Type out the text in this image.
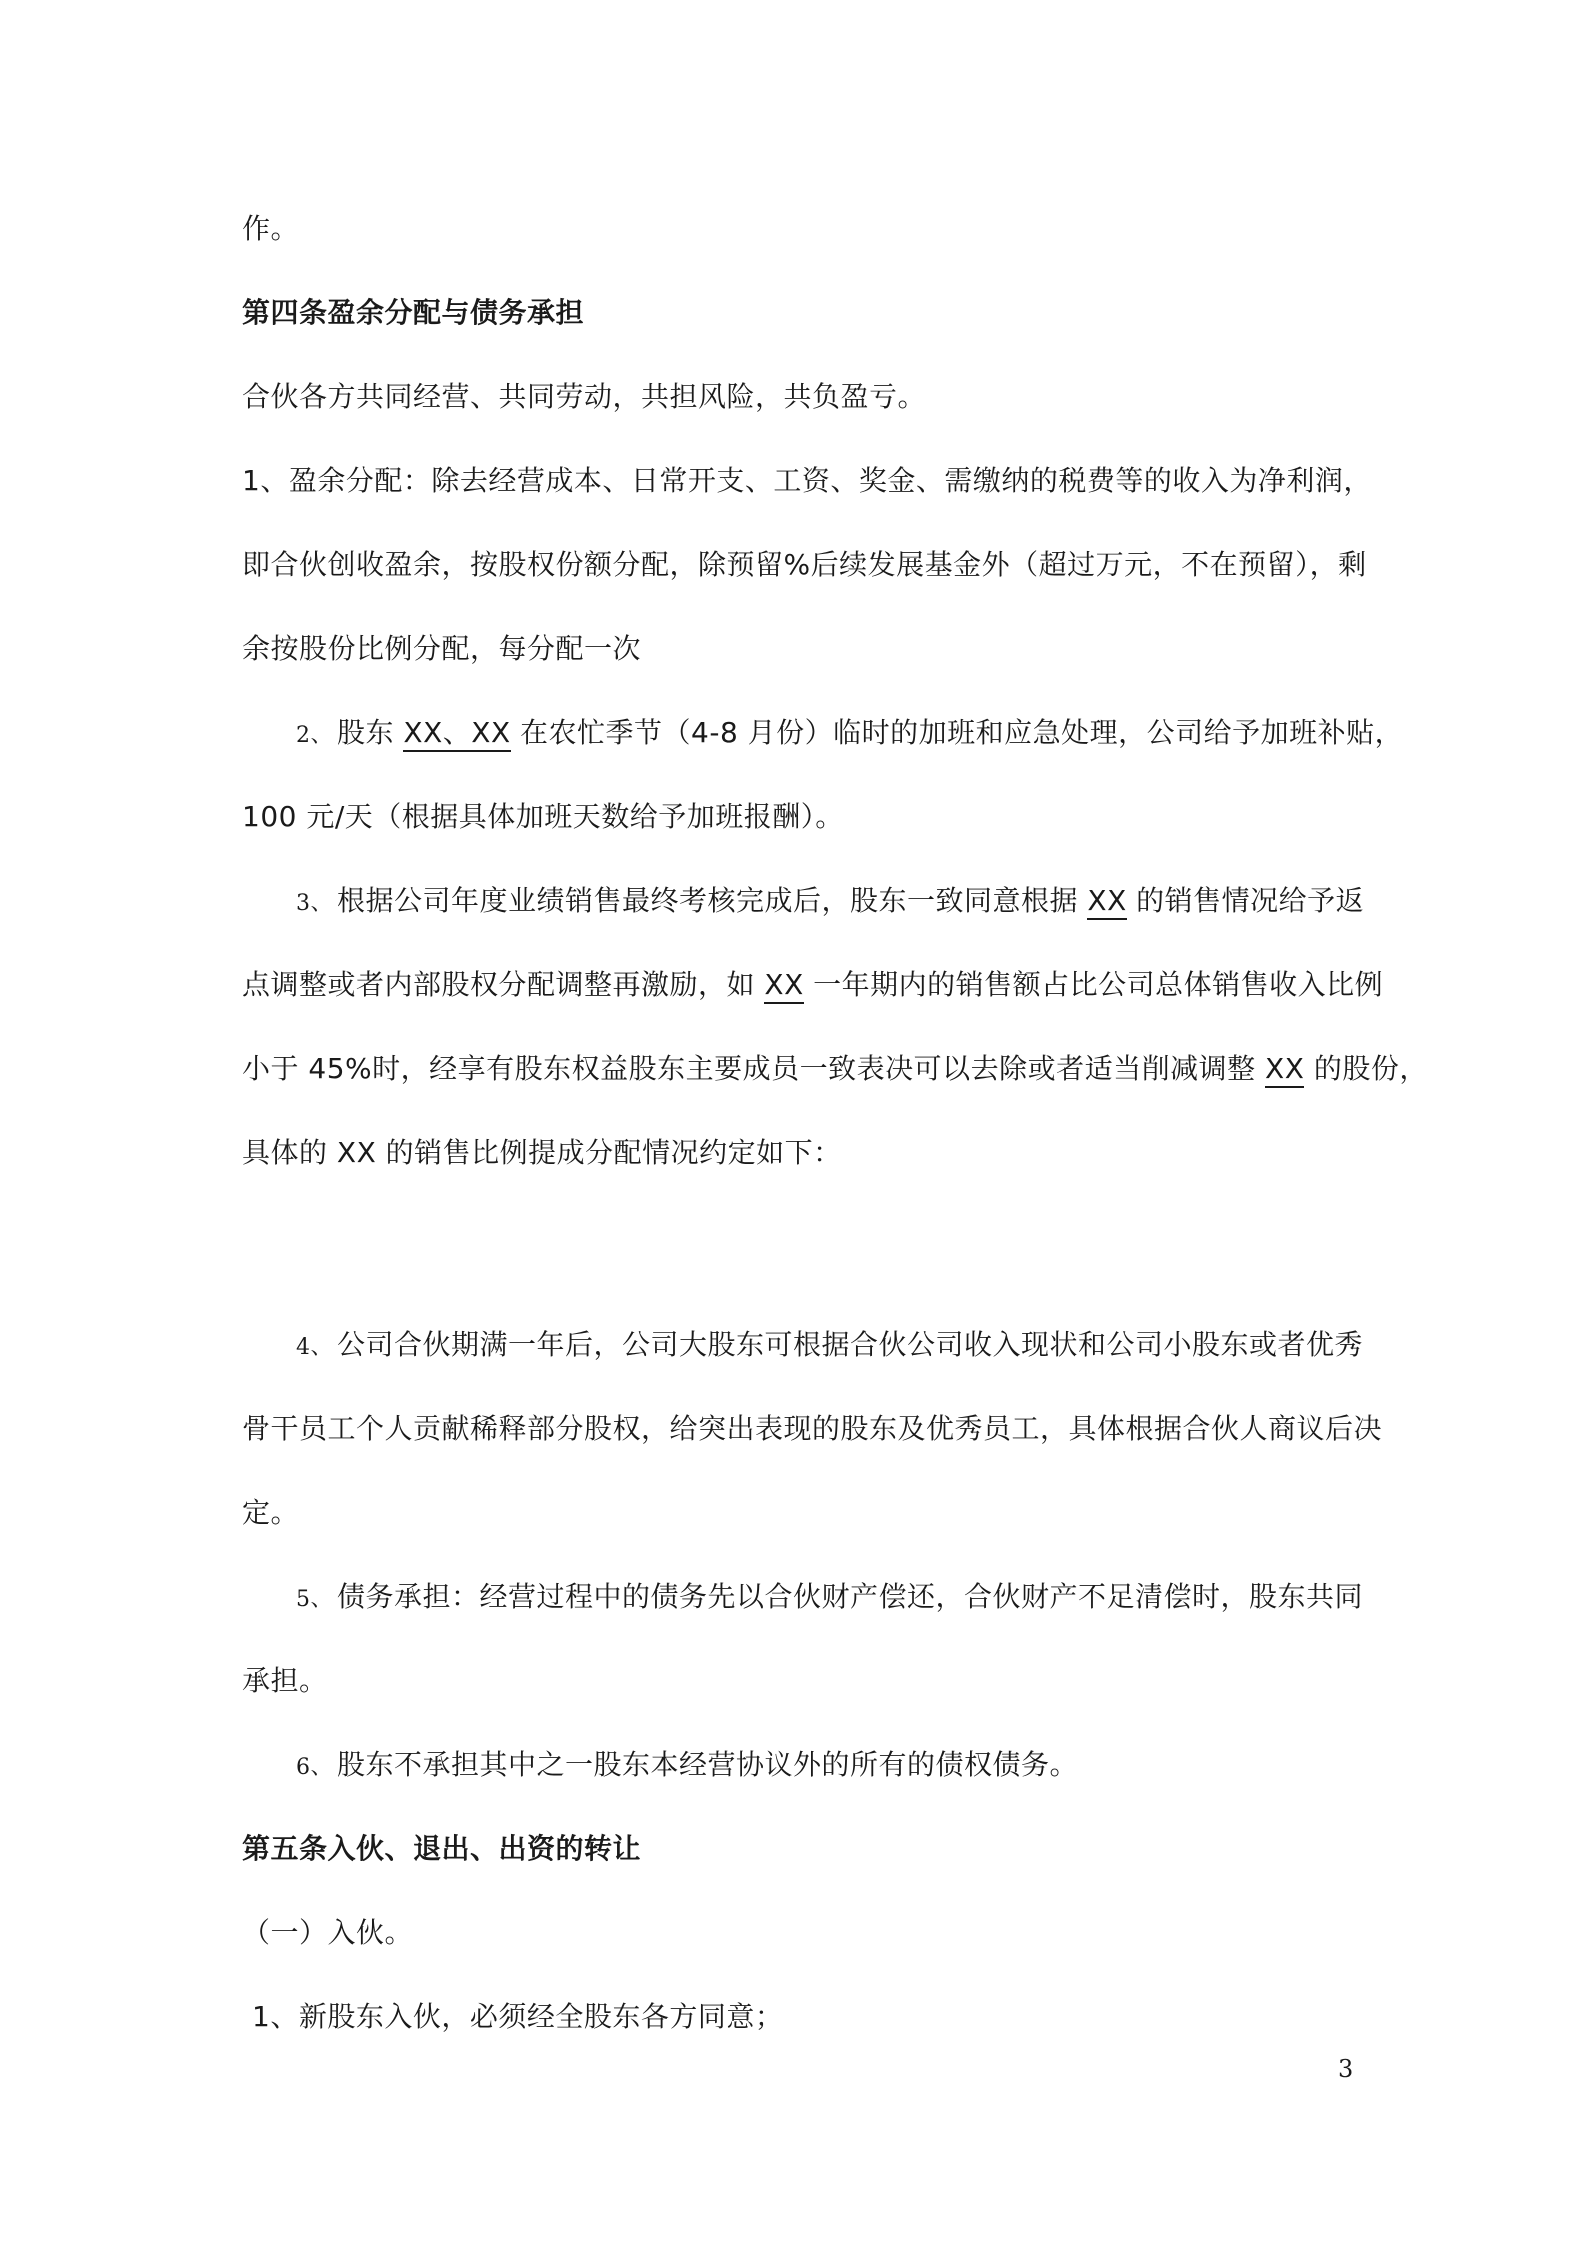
作。
第四条盈余分配与债务承担
合伙各方共同经营、共同劳动，共担风险，共负盈亏。
1、盈余分配：除去经营成本、日常开支、工资、奖金、需缴纳的税费等的收入为净利润，
即合伙创收盈余，按股权份额分配，除预留%后续发展基金外（超过万元，不在预留），剩
余按股份比例分配，每分配一次
2、 股东 XX、XX 在农忙季节（4-8 月份）临时的加班和应急处理，公司给予加班补贴，
100 元/天（根据具体加班天数给予加班报酬）。
3、 根据公司年度业绩销售最终考核完成后，股东一致同意根据 XX 的销售情况给予返
点调整或者内部股权分配调整再激励，如 XX 一年期内的销售额占比公司总体销售收入比例
小于 45%时，经享有股东权益股东主要成员一致表决可以去除或者适当削减调整 XX 的股份，
具体的 XX 的销售比例提成分配情况约定如下：
4、 公司合伙期满一年后，公司大股东可根据合伙公司收入现状和公司小股东或者优秀
骨干员工个人贡献稀释部分股权，给突出表现的股东及优秀员工，具体根据合伙人商议后决
定。
5、 债务承担：经营过程中的债务先以合伙财产偿还，合伙财产不足清偿时，股东共同
承担。
6、 股东不承担其中之一股东本经营协议外的所有的债权债务。
第五条入伙、退出、出资的转让
（一）入伙。
1、新股东入伙，必须经全股东各方同意；
3
